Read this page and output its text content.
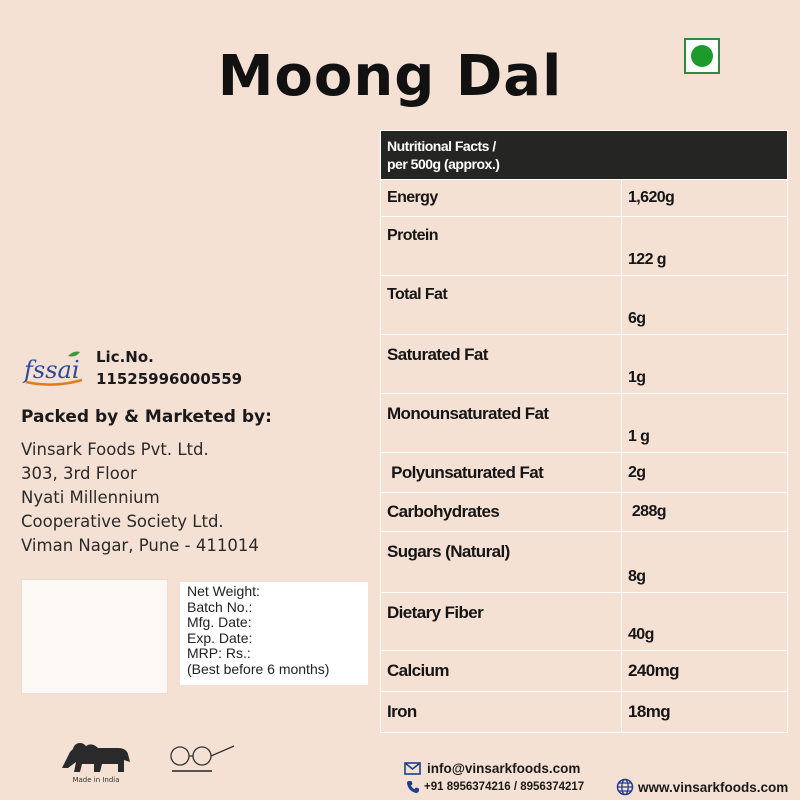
Moong Dal
Nutritional Facts /
per 500g (approx.)	

Energy	1,620g
Protein	122 g
Total Fat	6g
Saturated Fat	1g
Monounsaturated Fat	1 g
Polyunsaturated Fat	2g
Carbohydrates	288g
Sugars (Natural)	8g
Dietary Fiber	40g
Calcium	240mg
Iron	18mg
fssai Lic.No.
11525996000559
Packed by & Marketed by:
Vinsark Foods Pvt. Ltd.
303, 3rd Floor
Nyati Millennium
Cooperative Society Ltd.
Viman Nagar, Pune - 411014
Net Weight:
Batch No.:
Mfg. Date:
Exp. Date:
MRP: Rs.:
(Best before 6 months)
Made in India
info@vinsarkfoods.com
+91 8956374216 / 8956374217	www.vinsarkfoods.com
